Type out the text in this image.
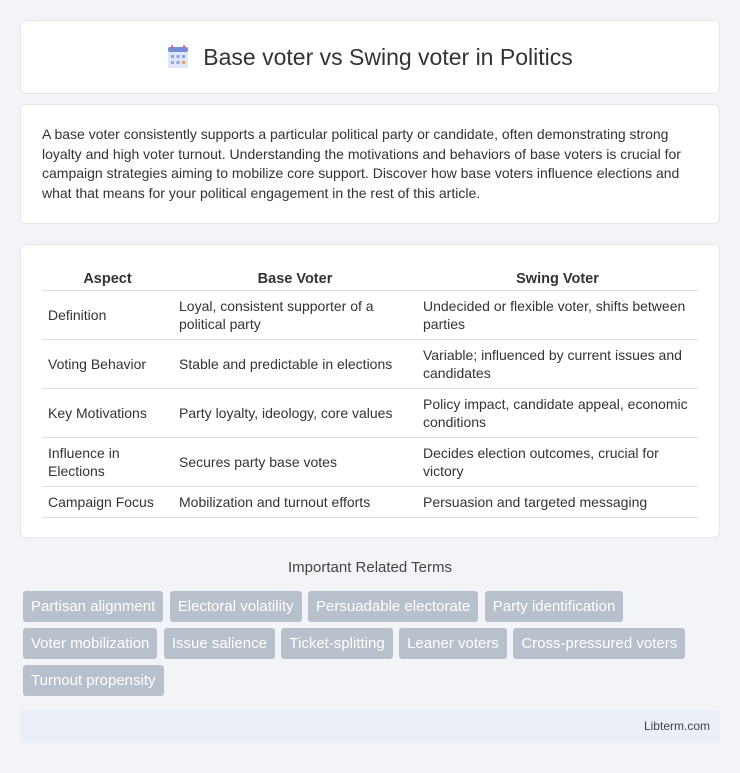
Base voter vs Swing voter in Politics

A base voter consistently supports a particular political party or candidate, often demonstrating strong loyalty and high voter turnout. Understanding the motivations and behaviors of base voters is crucial for campaign strategies aiming to mobilize core support. Discover how base voters influence elections and what that means for your political engagement in the rest of this article.

Aspect	Base Voter	Swing Voter
Definition	Loyal, consistent supporter of a political party	Undecided or flexible voter, shifts between parties
Voting Behavior	Stable and predictable in elections	Variable; influenced by current issues and candidates
Key Motivations	Party loyalty, ideology, core values	Policy impact, candidate appeal, economic conditions
Influence in Elections	Secures party base votes	Decides election outcomes, crucial for victory
Campaign Focus	Mobilization and turnout efforts	Persuasion and targeted messaging
Important Related Terms
Partisan alignment Electoral volatility Persuadable electorate Party identification Voter mobilization Issue salience Ticket-splitting Leaner voters Cross-pressured voters Turnout propensity
Libterm.com
